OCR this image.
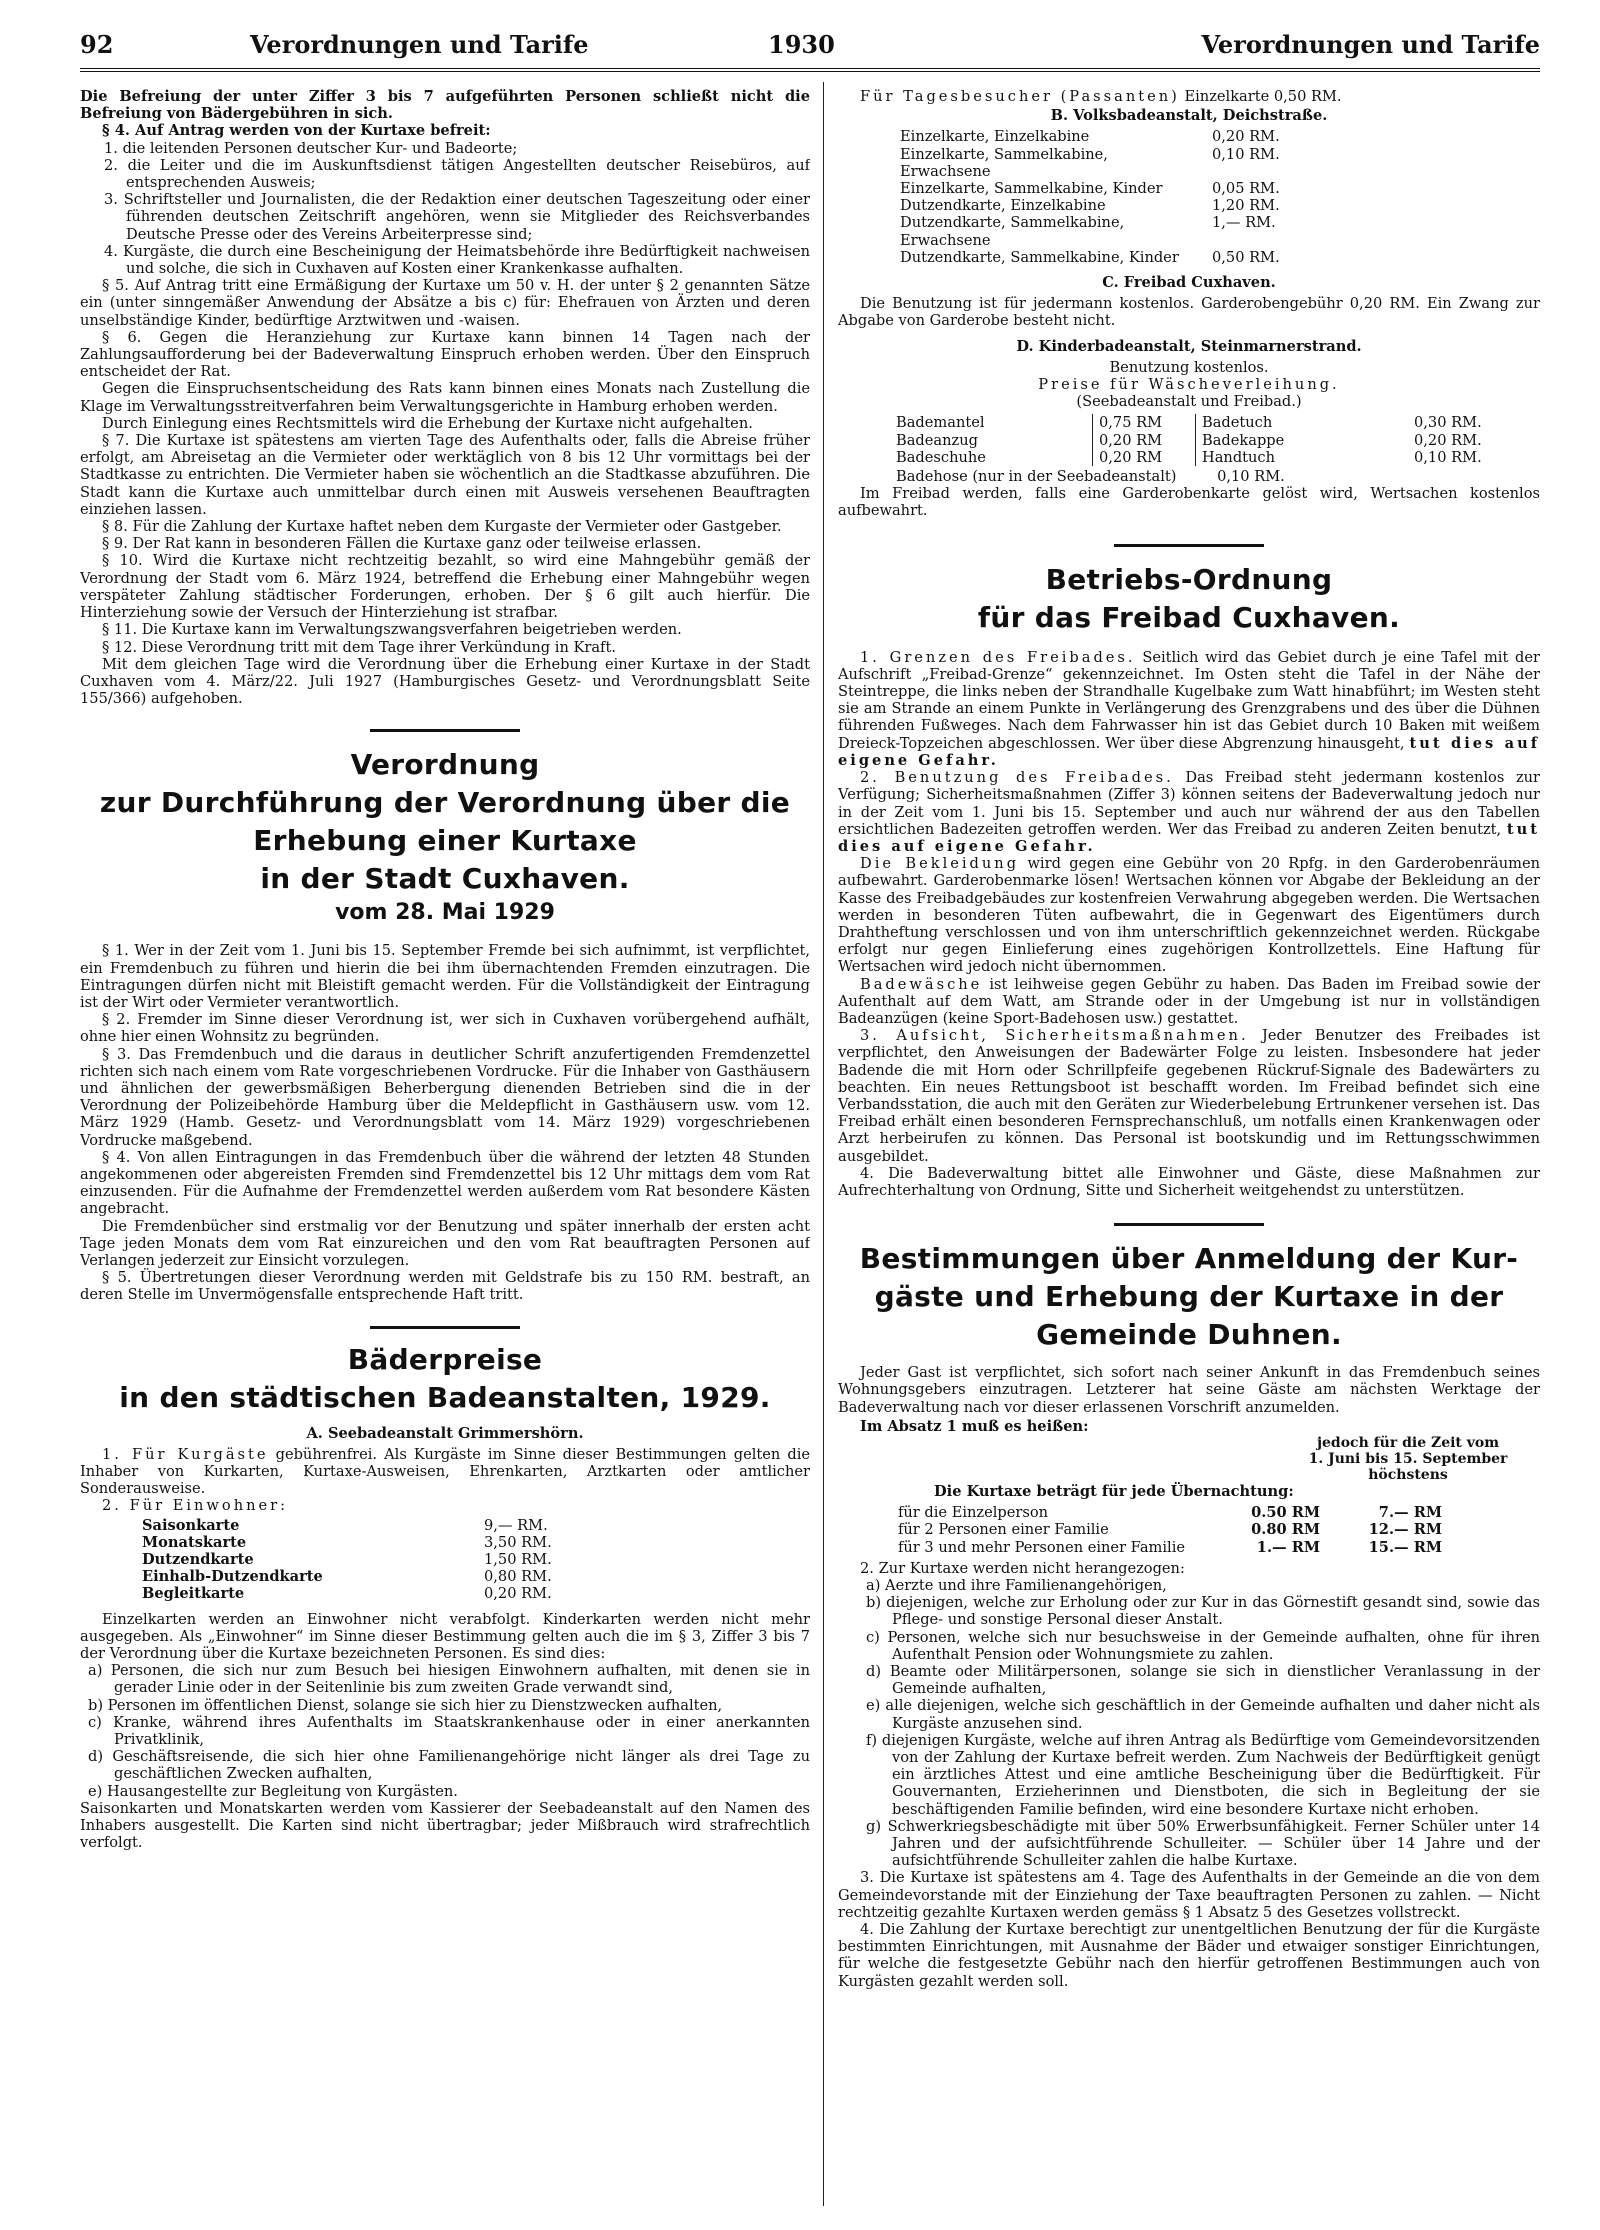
92	Verordnungen und Tarife	1930	Verordnungen und Tarife

Die Befreiung der unter Ziffer 3 bis 7 aufgeführten Personen schließt nicht die Befreiung von Bädergebühren in sich.

§ 4. Auf Antrag werden von der Kurtaxe befreit:

1. die leitenden Personen deutscher Kur- und Badeorte;

2. die Leiter und die im Auskunftsdienst tätigen Angestellten deutscher Reisebüros, auf entsprechenden Ausweis;

3. Schriftsteller und Journalisten, die der Redaktion einer deutschen Tageszeitung oder einer führenden deutschen Zeitschrift angehören, wenn sie Mitglieder des Reichsverbandes Deutsche Presse oder des Vereins Arbeiterpresse sind;

4. Kurgäste, die durch eine Bescheinigung der Heimatsbehörde ihre Bedürftigkeit nachweisen und solche, die sich in Cuxhaven auf Kosten einer Krankenkasse aufhalten.

§ 5. Auf Antrag tritt eine Ermäßigung der Kurtaxe um 50 v. H. der unter § 2 genannten Sätze ein (unter sinngemäßer Anwendung der Absätze a bis c) für: Ehefrauen von Ärzten und deren unselbständige Kinder, bedürftige Arztwitwen und -waisen.

§ 6. Gegen die Heranziehung zur Kurtaxe kann binnen 14 Tagen nach der Zahlungsaufforderung bei der Badeverwaltung Einspruch erhoben werden. Über den Einspruch entscheidet der Rat.

Gegen die Einspruchsentscheidung des Rats kann binnen eines Monats nach Zustellung die Klage im Verwaltungsstreitverfahren beim Verwaltungsgerichte in Hamburg erhoben werden.

Durch Einlegung eines Rechtsmittels wird die Erhebung der Kurtaxe nicht aufgehalten.

§ 7. Die Kurtaxe ist spätestens am vierten Tage des Aufenthalts oder, falls die Abreise früher erfolgt, am Abreisetag an die Vermieter oder werktäglich von 8 bis 12 Uhr vormittags bei der Stadtkasse zu entrichten. Die Vermieter haben sie wöchentlich an die Stadtkasse abzuführen. Die Stadt kann die Kurtaxe auch unmittelbar durch einen mit Ausweis versehenen Beauftragten einziehen lassen.

§ 8. Für die Zahlung der Kurtaxe haftet neben dem Kurgaste der Vermieter oder Gastgeber.

§ 9. Der Rat kann in besonderen Fällen die Kurtaxe ganz oder teilweise erlassen.

§ 10. Wird die Kurtaxe nicht rechtzeitig bezahlt, so wird eine Mahngebühr gemäß der Verordnung der Stadt vom 6. März 1924, betreffend die Erhebung einer Mahngebühr wegen verspäteter Zahlung städtischer Forderungen, erhoben. Der § 6 gilt auch hierfür. Die Hinterziehung sowie der Versuch der Hinterziehung ist strafbar.

§ 11. Die Kurtaxe kann im Verwaltungszwangsverfahren beigetrieben werden.

§ 12. Diese Verordnung tritt mit dem Tage ihrer Verkündung in Kraft.

Mit dem gleichen Tage wird die Verordnung über die Erhebung einer Kurtaxe in der Stadt Cuxhaven vom 4. März/22. Juli 1927 (Hamburgisches Gesetz- und Verordnungsblatt Seite 155/366) aufgehoben.

Verordnung

zur Durchführung der Verordnung über die

Erhebung einer Kurtaxe

in der Stadt Cuxhaven.

vom 28. Mai 1929

§ 1. Wer in der Zeit vom 1. Juni bis 15. September Fremde bei sich aufnimmt, ist verpflichtet, ein Fremdenbuch zu führen und hierin die bei ihm übernachtenden Fremden einzutragen. Die Eintragungen dürfen nicht mit Bleistift gemacht werden. Für die Vollständigkeit der Eintragung ist der Wirt oder Vermieter verantwortlich.

§ 2. Fremder im Sinne dieser Verordnung ist, wer sich in Cuxhaven vorübergehend aufhält, ohne hier einen Wohnsitz zu begründen.

§ 3. Das Fremdenbuch und die daraus in deutlicher Schrift anzufertigenden Fremdenzettel richten sich nach einem vom Rate vorgeschriebenen Vordrucke. Für die Inhaber von Gasthäusern und ähnlichen der gewerbsmäßigen Beherbergung dienenden Betrieben sind die in der Verordnung der Polizeibehörde Hamburg über die Meldepflicht in Gasthäusern usw. vom 12. März 1929 (Hamb. Gesetz- und Verordnungsblatt vom 14. März 1929) vorgeschriebenen Vordrucke maßgebend.

§ 4. Von allen Eintragungen in das Fremdenbuch über die während der letzten 48 Stunden angekommenen oder abgereisten Fremden sind Fremdenzettel bis 12 Uhr mittags dem vom Rat einzusenden. Für die Aufnahme der Fremdenzettel werden außerdem vom Rat besondere Kästen angebracht.

Die Fremdenbücher sind erstmalig vor der Benutzung und später innerhalb der ersten acht Tage jeden Monats dem vom Rat einzureichen und den vom Rat beauftragten Personen auf Verlangen jederzeit zur Einsicht vorzulegen.

§ 5. Übertretungen dieser Verordnung werden mit Geldstrafe bis zu 150 RM. bestraft, an deren Stelle im Unvermögensfalle entsprechende Haft tritt.

Bäderpreise

in den städtischen Badeanstalten, 1929.

A. Seebadeanstalt Grimmershörn.

1. Für Kurgäste gebührenfrei. Als Kurgäste im Sinne dieser Bestimmungen gelten die Inhaber von Kurkarten, Kurtaxe-Ausweisen, Ehrenkarten, Arztkarten oder amtlicher Sonderausweise.

2. Für Einwohner:

Saisonkarte	9,— RM.
Monatskarte	3,50 RM.
Dutzendkarte	1,50 RM.
Einhalb-Dutzendkarte	0,80 RM.
Begleitkarte	0,20 RM.

Einzelkarten werden an Einwohner nicht verabfolgt. Kinderkarten werden nicht mehr ausgegeben. Als „Einwohner“ im Sinne dieser Bestimmung gelten auch die im § 3, Ziffer 3 bis 7 der Verordnung über die Kurtaxe bezeichneten Personen. Es sind dies:

a) Personen, die sich nur zum Besuch bei hiesigen Einwohnern aufhalten, mit denen sie in gerader Linie oder in der Seitenlinie bis zum zweiten Grade verwandt sind,

b) Personen im öffentlichen Dienst, solange sie sich hier zu Dienstzwecken aufhalten,

c) Kranke, während ihres Aufenthalts im Staatskrankenhause oder in einer anerkannten Privatklinik,

d) Geschäftsreisende, die sich hier ohne Familienangehörige nicht länger als drei Tage zu geschäftlichen Zwecken aufhalten,

e) Hausangestellte zur Begleitung von Kurgästen.

Saisonkarten und Monatskarten werden vom Kassierer der Seebadeanstalt auf den Namen des Inhabers ausgestellt. Die Karten sind nicht übertragbar; jeder Mißbrauch wird strafrechtlich verfolgt.

Für Tagesbesucher (Passanten) Einzelkarte 0,50 RM.

B. Volksbadeanstalt, Deichstraße.

Einzelkarte, Einzelkabine	0,20 RM.
Einzelkarte, Sammelkabine, Erwachsene	0,10 RM.
Einzelkarte, Sammelkabine, Kinder	0,05 RM.
Dutzendkarte, Einzelkabine	1,20 RM.
Dutzendkarte, Sammelkabine, Erwachsene	1,— RM.
Dutzendkarte, Sammelkabine, Kinder	0,50 RM.

C. Freibad Cuxhaven.

Die Benutzung ist für jedermann kostenlos. Garderobengebühr 0,20 RM. Ein Zwang zur Abgabe von Garderobe besteht nicht.

D. Kinderbadeanstalt, Steinmarnerstrand.

Benutzung kostenlos.

Preise für Wäscheverleihung.

(Seebadeanstalt und Freibad.)

Bademantel	0,75 RM	Badetuch	0,30 RM.
Badeanzug	0,20 RM	Badekappe	0,20 RM.
Badeschuhe	0,20 RM	Handtuch	0,10 RM.

Badehose (nur in der Seebadeanstalt)	0,10 RM.

Im Freibad werden, falls eine Garderobenkarte gelöst wird, Wertsachen kostenlos aufbewahrt.

Betriebs-Ordnung

für das Freibad Cuxhaven.

1. Grenzen des Freibades. Seitlich wird das Gebiet durch je eine Tafel mit der Aufschrift „Freibad-Grenze“ gekennzeichnet. Im Osten steht die Tafel in der Nähe der Steintreppe, die links neben der Strandhalle Kugelbake zum Watt hinabführt; im Westen steht sie am Strande an einem Punkte in Verlängerung des Grenzgrabens und des über die Dühnen führenden Fußweges. Nach dem Fahrwasser hin ist das Gebiet durch 10 Baken mit weißem Dreieck-Topzeichen abgeschlossen. Wer über diese Abgrenzung hinausgeht, tut dies auf eigene Gefahr.

2. Benutzung des Freibades. Das Freibad steht jedermann kostenlos zur Verfügung; Sicherheitsmaßnahmen (Ziffer 3) können seitens der Badeverwaltung jedoch nur in der Zeit vom 1. Juni bis 15. September und auch nur während der aus den Tabellen ersichtlichen Badezeiten getroffen werden. Wer das Freibad zu anderen Zeiten benutzt, tut dies auf eigene Gefahr.

Die Bekleidung wird gegen eine Gebühr von 20 Rpfg. in den Garderobenräumen aufbewahrt. Garderobenmarke lösen! Wertsachen können vor Abgabe der Bekleidung an der Kasse des Freibadgebäudes zur kostenfreien Verwahrung abgegeben werden. Die Wertsachen werden in besonderen Tüten aufbewahrt, die in Gegenwart des Eigentümers durch Drahtheftung verschlossen und von ihm unterschriftlich gekennzeichnet werden. Rückgabe erfolgt nur gegen Einlieferung eines zugehörigen Kontrollzettels. Eine Haftung für Wertsachen wird jedoch nicht übernommen.

Badewäsche ist leihweise gegen Gebühr zu haben. Das Baden im Freibad sowie der Aufenthalt auf dem Watt, am Strande oder in der Umgebung ist nur in vollständigen Badeanzügen (keine Sport-Badehosen usw.) gestattet.

3. Aufsicht, Sicherheitsmaßnahmen. Jeder Benutzer des Freibades ist verpflichtet, den Anweisungen der Badewärter Folge zu leisten. Insbesondere hat jeder Badende die mit Horn oder Schrillpfeife gegebenen Rückruf-Signale des Badewärters zu beachten. Ein neues Rettungsboot ist beschafft worden. Im Freibad befindet sich eine Verbandsstation, die auch mit den Geräten zur Wiederbelebung Ertrunkener versehen ist. Das Freibad erhält einen besonderen Fernsprechanschluß, um notfalls einen Krankenwagen oder Arzt herbeirufen zu können. Das Personal ist bootskundig und im Rettungsschwimmen ausgebildet.

4. Die Badeverwaltung bittet alle Einwohner und Gäste, diese Maßnahmen zur Aufrechterhaltung von Ordnung, Sitte und Sicherheit weitgehendst zu unterstützen.

Bestimmungen über Anmeldung der Kur-

gäste und Erhebung der Kurtaxe in der

Gemeinde Duhnen.

Jeder Gast ist verpflichtet, sich sofort nach seiner Ankunft in das Fremdenbuch seines Wohnungsgebers einzutragen. Letzterer hat seine Gäste am nächsten Werktage der Badeverwaltung nach vor dieser erlassenen Vorschrift anzumelden.

Im Absatz 1 muß es heißen:

jedoch für die Zeit vom 1. Juni bis 15. September höchstens

Die Kurtaxe beträgt für jede Übernachtung:

für die Einzelperson	0.50 RM	7.— RM
für 2 Personen einer Familie	0.80 RM	12.— RM
für 3 und mehr Personen einer Familie	1.— RM	15.— RM

2. Zur Kurtaxe werden nicht herangezogen:

a) Aerzte und ihre Familienangehörigen,

b) diejenigen, welche zur Erholung oder zur Kur in das Görnestift gesandt sind, sowie das Pflege- und sonstige Personal dieser Anstalt.

c) Personen, welche sich nur besuchsweise in der Gemeinde aufhalten, ohne für ihren Aufenthalt Pension oder Wohnungsmiete zu zahlen.

d) Beamte oder Militärpersonen, solange sie sich in dienstlicher Veranlassung in der Gemeinde aufhalten,

e) alle diejenigen, welche sich geschäftlich in der Gemeinde aufhalten und daher nicht als Kurgäste anzusehen sind.

f) diejenigen Kurgäste, welche auf ihren Antrag als Bedürftige vom Gemeindevorsitzenden von der Zahlung der Kurtaxe befreit werden. Zum Nachweis der Bedürftigkeit genügt ein ärztliches Attest und eine amtliche Bescheinigung über die Bedürftigkeit. Für Gouvernanten, Erzieherinnen und Dienstboten, die sich in Begleitung der sie beschäftigenden Familie befinden, wird eine besondere Kurtaxe nicht erhoben.

g) Schwerkriegsbeschädigte mit über 50% Erwerbsunfähigkeit. Ferner Schüler unter 14 Jahren und der aufsichtführende Schulleiter. — Schüler über 14 Jahre und der aufsichtführende Schulleiter zahlen die halbe Kurtaxe.

3. Die Kurtaxe ist spätestens am 4. Tage des Aufenthalts in der Gemeinde an die von dem Gemeindevorstande mit der Einziehung der Taxe beauftragten Personen zu zahlen. — Nicht rechtzeitig gezahlte Kurtaxen werden gemäss § 1 Absatz 5 des Gesetzes vollstreckt.

4. Die Zahlung der Kurtaxe berechtigt zur unentgeltlichen Benutzung der für die Kurgäste bestimmten Einrichtungen, mit Ausnahme der Bäder und etwaiger sonstiger Einrichtungen, für welche die festgesetzte Gebühr nach den hierfür getroffenen Bestimmungen auch von Kurgästen gezahlt werden soll.
